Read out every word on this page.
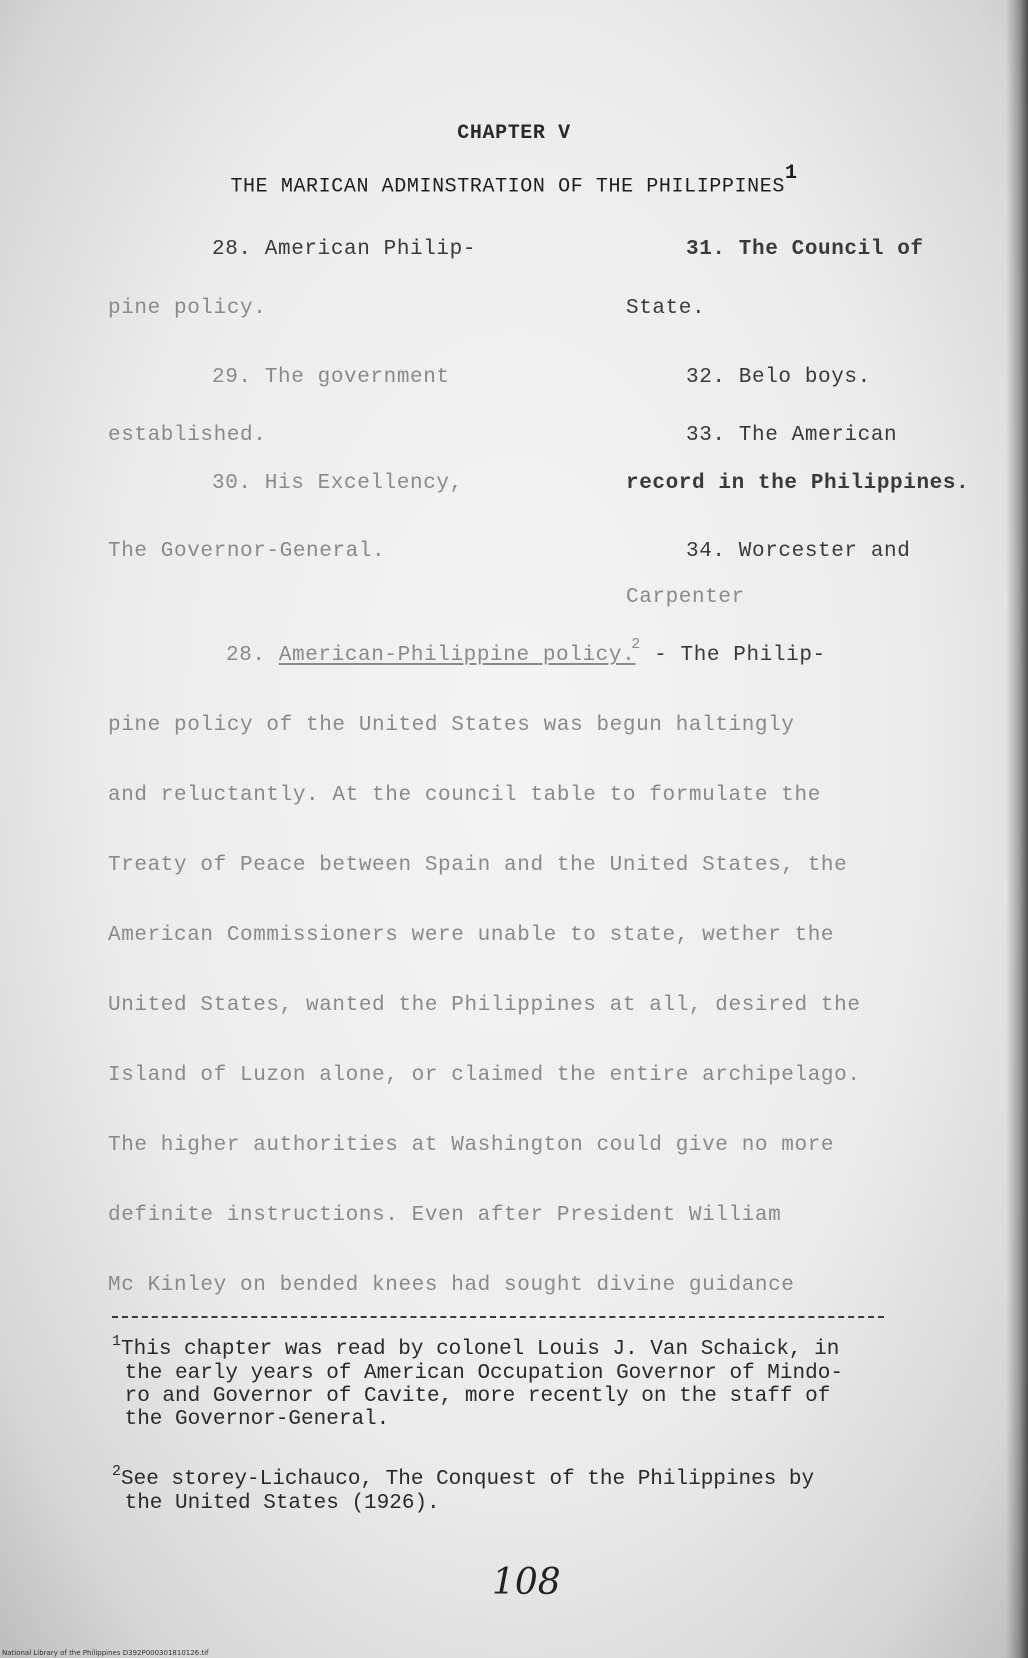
CHAPTER V
THE MARICAN ADMINSTRATION OF THE PHILIPPINES$^1$
28. American Philip-
pine policy.
29. The government
established.
30. His Excellency,
The Governor-General.
31. The Council of
State.
32. Belo boys.
33. The American
record in the Philippines.
34. Worcester and
Carpenter
28. American-Philippine policy.$^2$ - The Philip-
pine policy of the United States was begun haltingly
and reluctantly. At the council table to formulate the
Treaty of Peace between Spain and the United States, the
American Commissioners were unable to state, wether the
United States, wanted the Philippines at all, desired the
Island of Luzon alone, or claimed the entire archipelago.
The higher authorities at Washington could give no more
definite instructions. Even after President William
Mc Kinley on bended knees had sought divine guidance
$^1$This chapter was read by colonel Louis J. Van Schaick, in
the early years of American Occupation Governor of Mindo-
ro and Governor of Cavite, more recently on the staff of
the Governor-General.
$^2$See storey-Lichauco, The Conquest of the Philippines by
the United States (1926).
108
National Library of the Philippines D392P000301810126.tif
